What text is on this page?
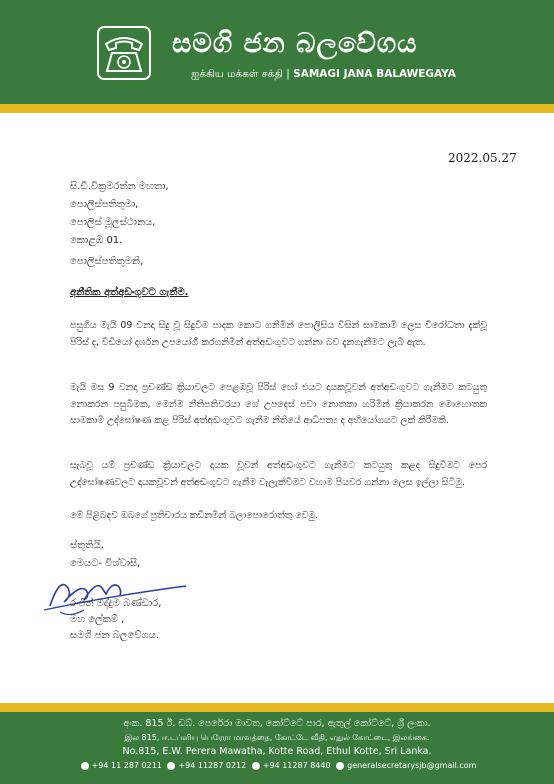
සමගි ජන බලවේගය
ஐக்கிய மக்கள் சக்தி | SAMAGI JANA BALAWEGAYA
2022.05.27
සි.ඩී.වික්‍රමරත්න මහතා,
පොලිස්පතිතුමා,
පොලිස් මූලස්ථානය,
කොළඹ 01.
පොලිස්පතිතුමනි,
අනීතික අත්අඩංගුවට ගැනීම.
පසුගිය මැයි 09 වනදා සිදු වූ සිදුවීම පාදක කොට ගනිමින් පොලිසිය විසින් සාමකාමී ලෙස විරෝධතා දැක්වූ පිරිස් ද, වීඩියෝ දර්ශන උපයෝගී කරගනිමින් අත්අඩංගුවට ගන්නා බව දැනගැනීමට ලැබී ඇත.
මැයි මස 9 වනදා ප්‍රචණ්ඩ ක්‍රියාවලට පෙළඹවූ පිරිස් හෝ එයට දායකවූවන් අත්අඩංගුවට ගැනීමට කටයුතු නොකරන පසුබිමක, මෙන්ම නීතිපතිවරයා ගේ උපදෙස් පවා නොතකා හරිමින් ක්‍රියාකරන මොහොතක සාමකාමී උද්ඝෝෂණ කළ පිරිස් අත්අඩංගුවට ගැනීම නීතියේ ආධිපත්‍ය ද අභියෝගයට ලක් කිරීමකි.
සැබවූ යම් ප්‍රචණ්ඩ ක්‍රියාවලට දායක වූවන් අත්අඩංගුවට ගැනීමට කටයුතු කළද සිදුවීමට පෙර උද්ඝෝෂණවලට දායකවූවන් අත්අඩංගුවට ගැනීම වැලැක්වීමට වහාම පියවර ගන්නා ලෙස ඉල්ලා සිටිමු.
මේ පිළිබඳව ඔබගේ ප්‍රතිචාරය කඩිනමින් බලාපොරොත්තු වෙමු.
ස්තූතියි,
මෙයට- විශ්වාසී,
රංජිත් මද්දුම බණ්ඩාර,
මහ ලේකම් ,
සමගි ජන බලවේගය.
අංක. 815 ඊ. ඩබ්. පෙරේරා මාවත, කෝට්ටේ පාර, ඇතුල් කෝට්ටේ, ශ්‍රී ලංකා.
இல 815, ஈ.டப்ளியு பெரேரா மாவத்தை, கோட்டே வீதி, எதுல் கோட்டை, இலங்கை.
No.815, E.W. Perera Mawatha, Kotte Road, Ethul Kotte, Sri Lanka.
+94 11 287 0211 +94 11287 0212 +94 11287 8440 generalsecretarysjb@gmail.com
